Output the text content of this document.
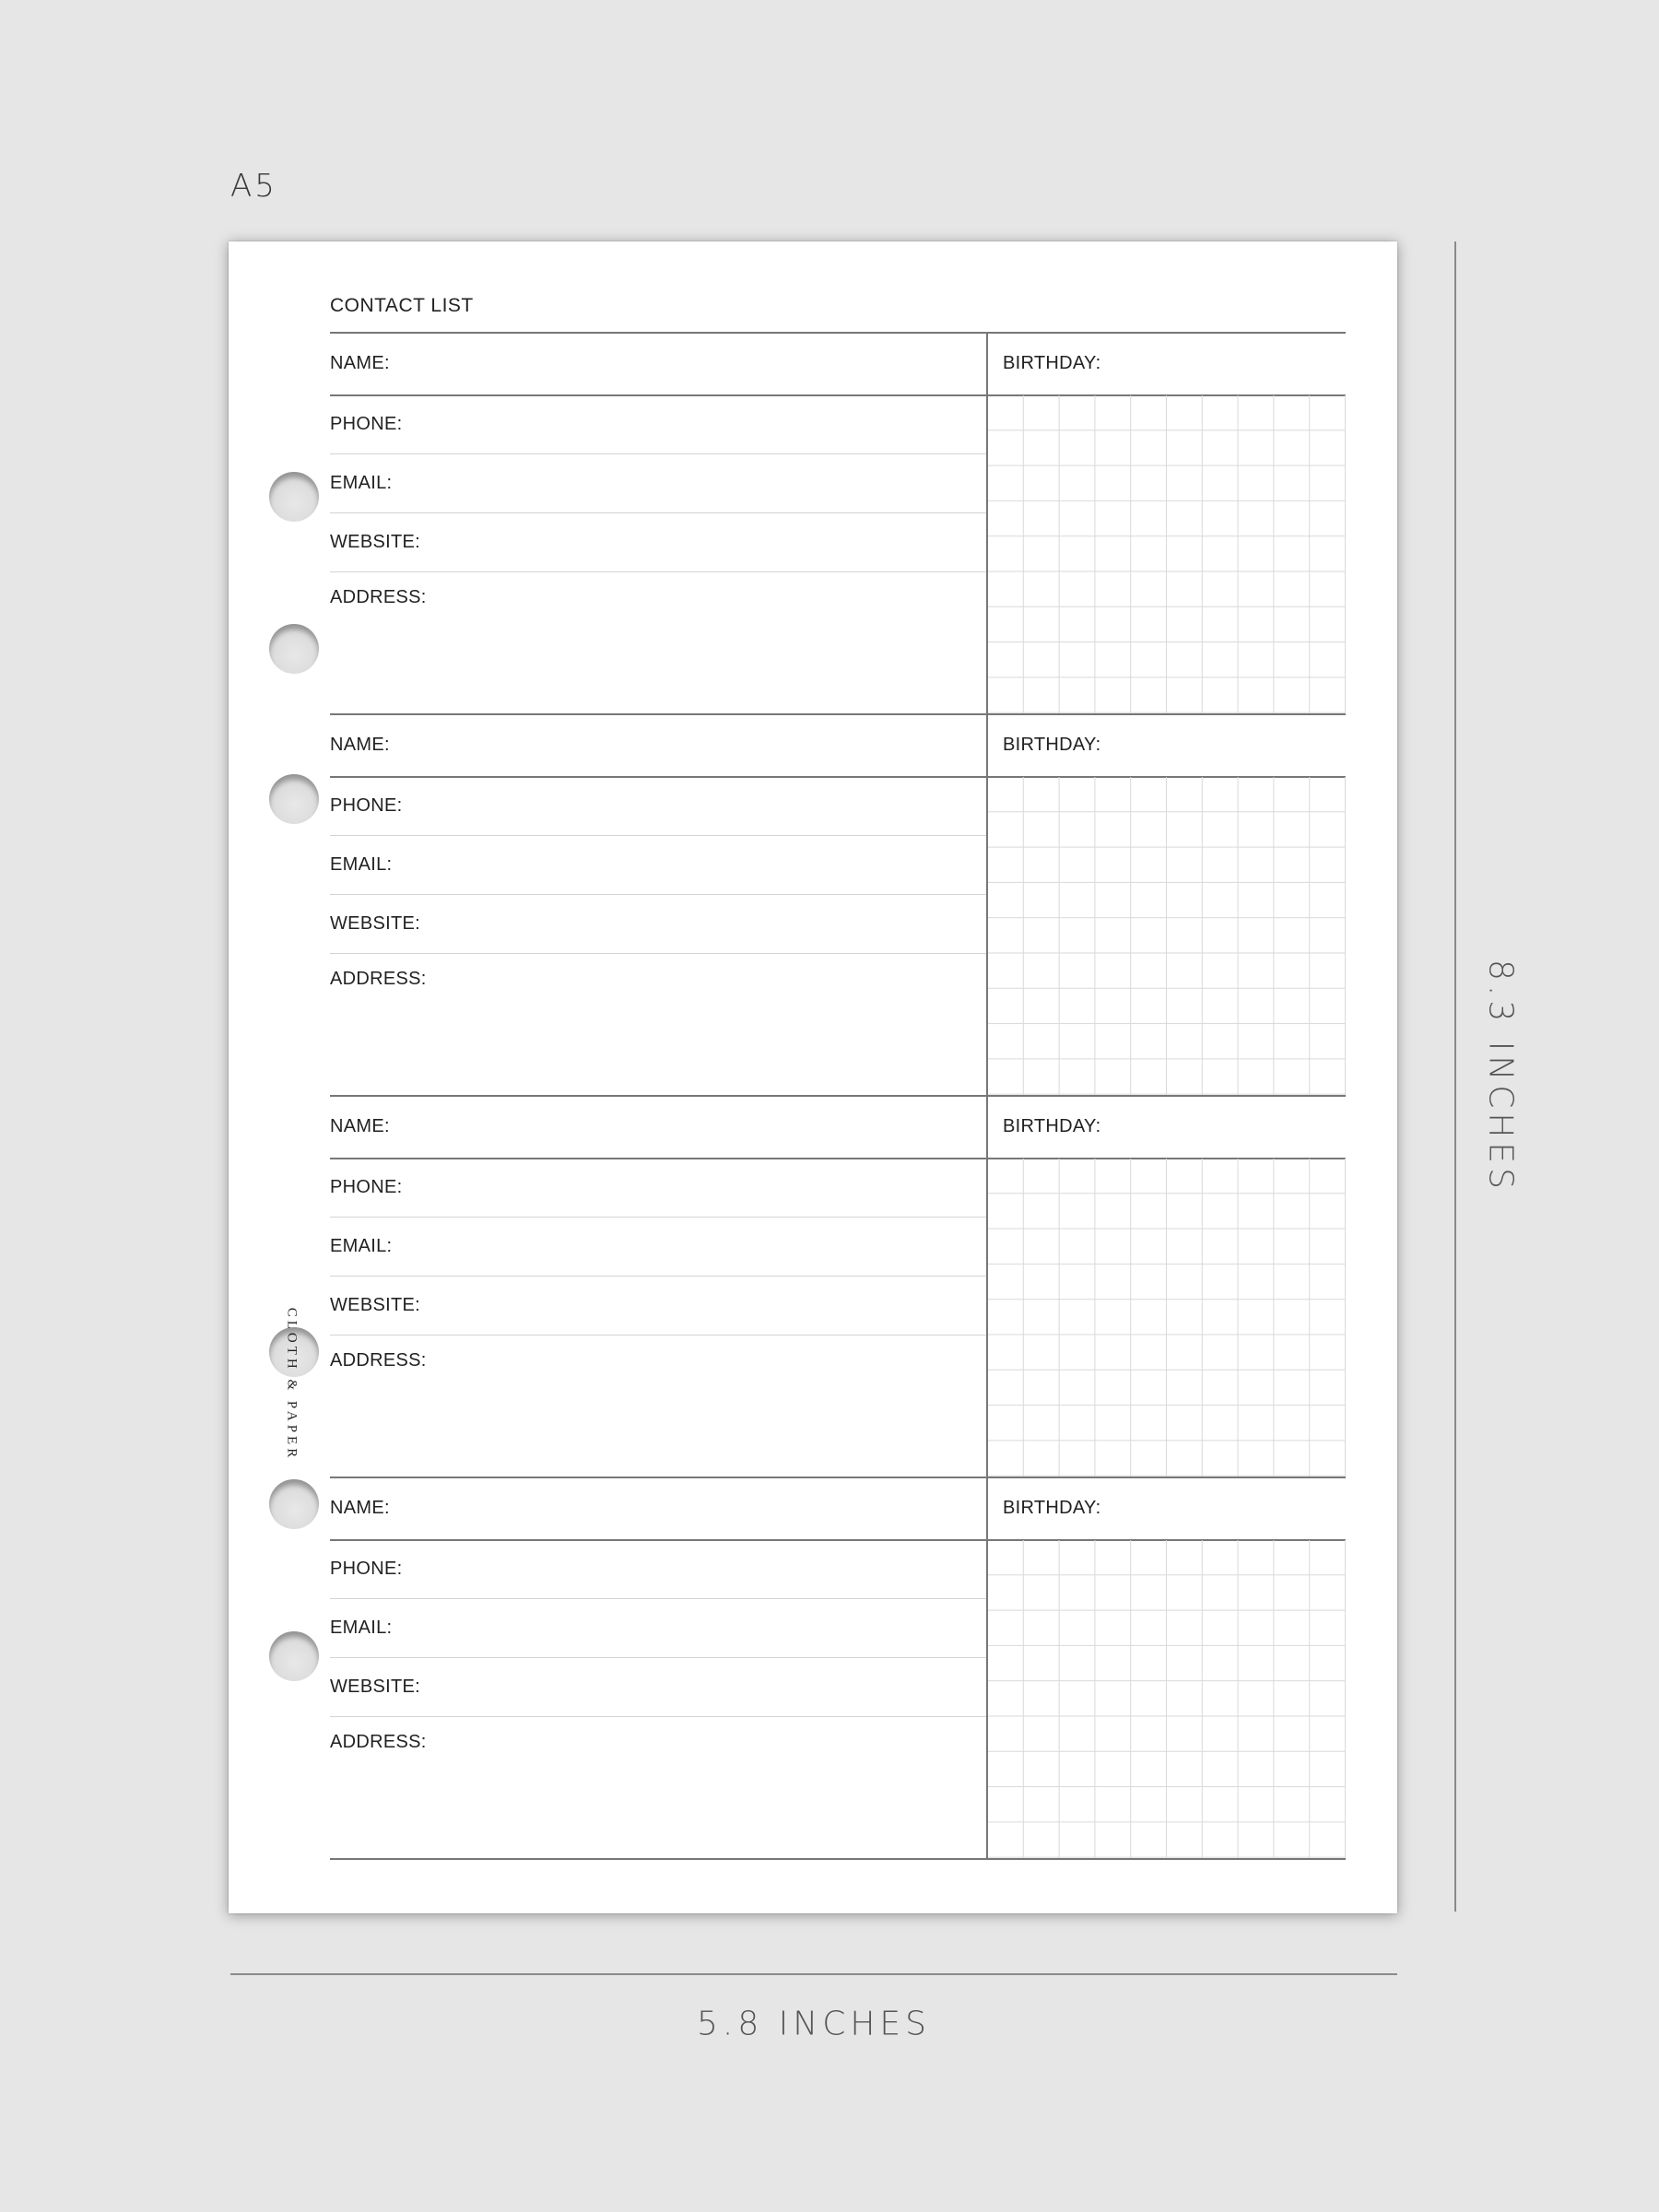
A5
CLOTH & PAPER
CONTACT LIST
NAME:	BIRTHDAY:
PHONE:
EMAIL:
WEBSITE:
ADDRESS:
NAME:	BIRTHDAY:
PHONE:
EMAIL:
WEBSITE:
ADDRESS:
NAME:	BIRTHDAY:
PHONE:
EMAIL:
WEBSITE:
ADDRESS:
NAME:	BIRTHDAY:
PHONE:
EMAIL:
WEBSITE:
ADDRESS:
8.3 INCHES
5.8 INCHES
